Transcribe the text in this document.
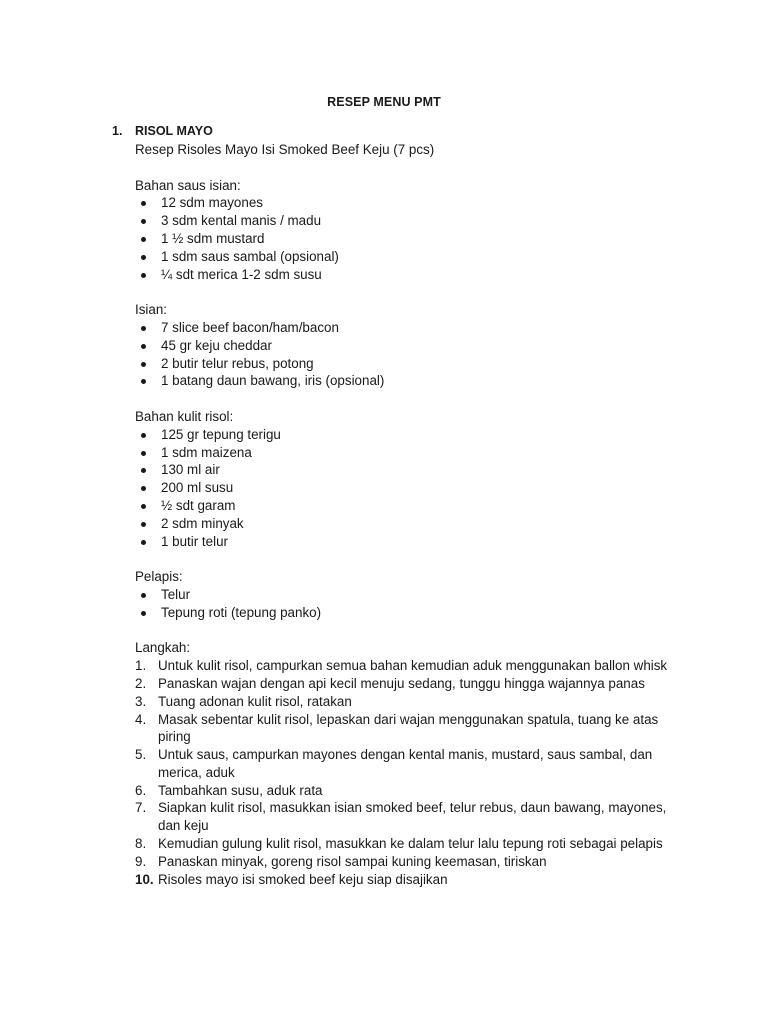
RESEP MENU PMT
1. RISOL MAYO
Resep Risoles Mayo Isi Smoked Beef Keju (7 pcs)
Bahan saus isian:
12 sdm mayones
3 sdm kental manis / madu
1 ½ sdm mustard
1 sdm saus sambal (opsional)
¼ sdt merica 1-2 sdm susu
Isian:
7 slice beef bacon/ham/bacon
45 gr keju cheddar
2 butir telur rebus, potong
1 batang daun bawang, iris (opsional)
Bahan kulit risol:
125 gr tepung terigu
1 sdm maizena
130 ml air
200 ml susu
½ sdt garam
2 sdm minyak
1 butir telur
Pelapis:
Telur
Tepung roti (tepung panko)
Langkah:
1. Untuk kulit risol, campurkan semua bahan kemudian aduk menggunakan ballon whisk
2. Panaskan wajan dengan api kecil menuju sedang, tunggu hingga wajannya panas
3. Tuang adonan kulit risol, ratakan
4. Masak sebentar kulit risol, lepaskan dari wajan menggunakan spatula, tuang ke atas piring
5. Untuk saus, campurkan mayones dengan kental manis, mustard, saus sambal, dan merica, aduk
6. Tambahkan susu, aduk rata
7. Siapkan kulit risol, masukkan isian smoked beef, telur rebus, daun bawang, mayones, dan keju
8. Kemudian gulung kulit risol, masukkan ke dalam telur lalu tepung roti sebagai pelapis
9. Panaskan minyak, goreng risol sampai kuning keemasan, tiriskan
10. Risoles mayo isi smoked beef keju siap disajikan
